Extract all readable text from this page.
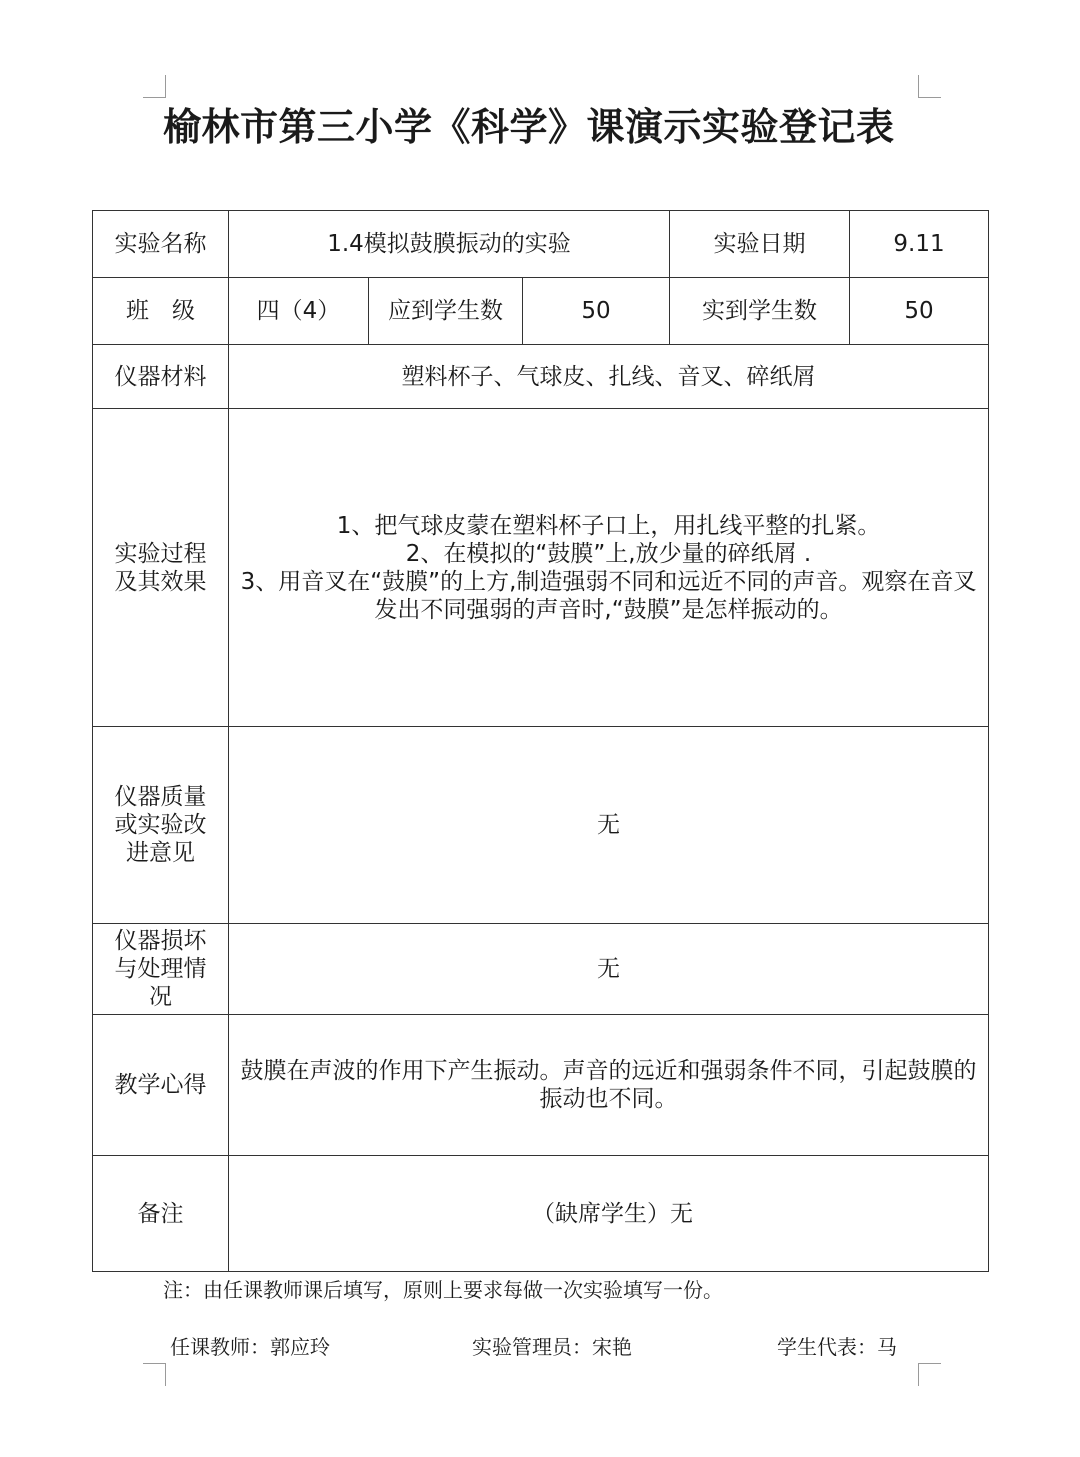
榆林市第三小学《科学》课演示实验登记表
实验名称	1.4模拟鼓膜振动的实验			实验日期	9.11
班　级	四（4）	应到学生数	50	实到学生数	50
仪器材料	塑料杯子、气球皮、扎线、音叉、碎纸屑				
实验过程及其效果	1、把气球皮蒙在塑料杯子口上，用扎线平整的扎紧。
2、在模拟的“鼓膜”上,放少量的碎纸屑 .
3、用音叉在“鼓膜”的上方,制造强弱不同和远近不同的声音。观察在音叉发出不同强弱的声音时,“鼓膜”是怎样振动的。				

仪器质量或实验改进意见	无				
仪器损坏与处理情况	无				
教学心得	鼓膜在声波的作用下产生振动。声音的远近和强弱条件不同，引起鼓膜的振动也不同。				
备注	（缺席学生）无				
注：由任课教师课后填写，原则上要求每做一次实验填写一份。
任课教师：郭应玲	实验管理员：宋艳	学生代表：马
